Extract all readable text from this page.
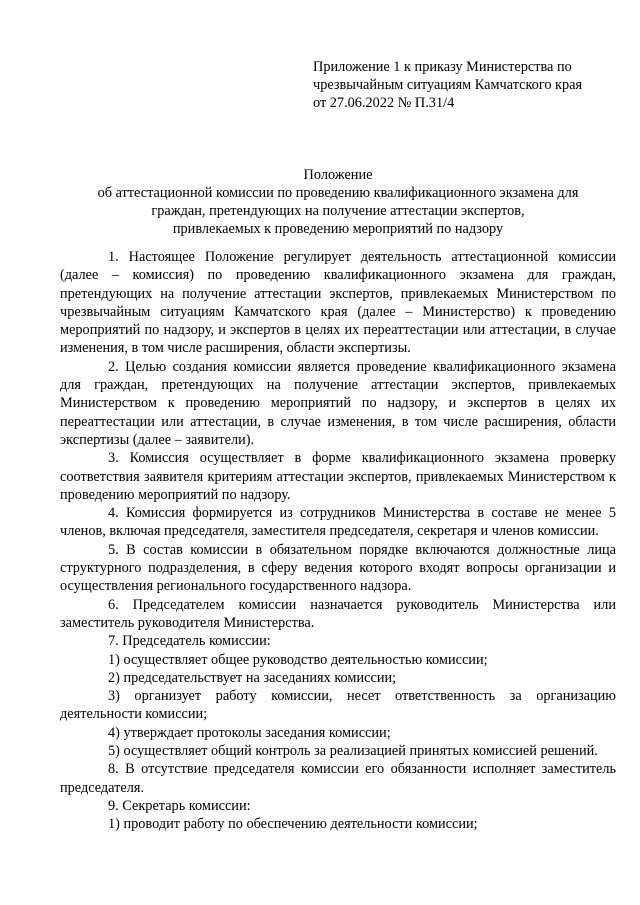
Приложение 1 к приказу Министерства по
чрезвычайным ситуациям Камчатского края
от 27.06.2022 № П.31/4
Положение
об аттестационной комиссии по проведению квалификационного экзамена для
граждан, претендующих на получение аттестации экспертов,
привлекаемых к проведению мероприятий по надзору

1. Настоящее Положение регулирует деятельность аттестационной комиссии (далее – комиссия) по проведению квалификационного экзамена для граждан, претендующих на получение аттестации экспертов, привлекаемых Министерством по чрезвычайным ситуациям Камчатского края (далее – Министерство) к проведению мероприятий по надзору, и экспертов в целях их переаттестации или аттестации, в случае изменения, в том числе расширения, области экспертизы.

2. Целью создания комиссии является проведение квалификационного экзамена для граждан, претендующих на получение аттестации экспертов, привлекаемых Министерством к проведению мероприятий по надзору, и экспертов в целях их переаттестации или аттестации, в случае изменения, в том числе расширения, области экспертизы (далее – заявители).

3. Комиссия осуществляет в форме квалификационного экзамена проверку соответствия заявителя критериям аттестации экспертов, привлекаемых Министерством к проведению мероприятий по надзору.

4. Комиссия формируется из сотрудников Министерства в составе не менее 5 членов, включая председателя, заместителя председателя, секретаря и членов комиссии.

5. В состав комиссии в обязательном порядке включаются должностные лица структурного подразделения, в сферу ведения которого входят вопросы организации и осуществления регионального государственного надзора.

6. Председателем комиссии назначается руководитель Министерства или заместитель руководителя Министерства.

7. Председатель комиссии:

1) осуществляет общее руководство деятельностью комиссии;

2) председательствует на заседаниях комиссии;

3) организует работу комиссии, несет ответственность за организацию деятельности комиссии;

4) утверждает протоколы заседания комиссии;

5) осуществляет общий контроль за реализацией принятых комиссией решений.

8. В отсутствие председателя комиссии его обязанности исполняет заместитель председателя.

9. Секретарь комиссии:

1) проводит работу по обеспечению деятельности комиссии;
